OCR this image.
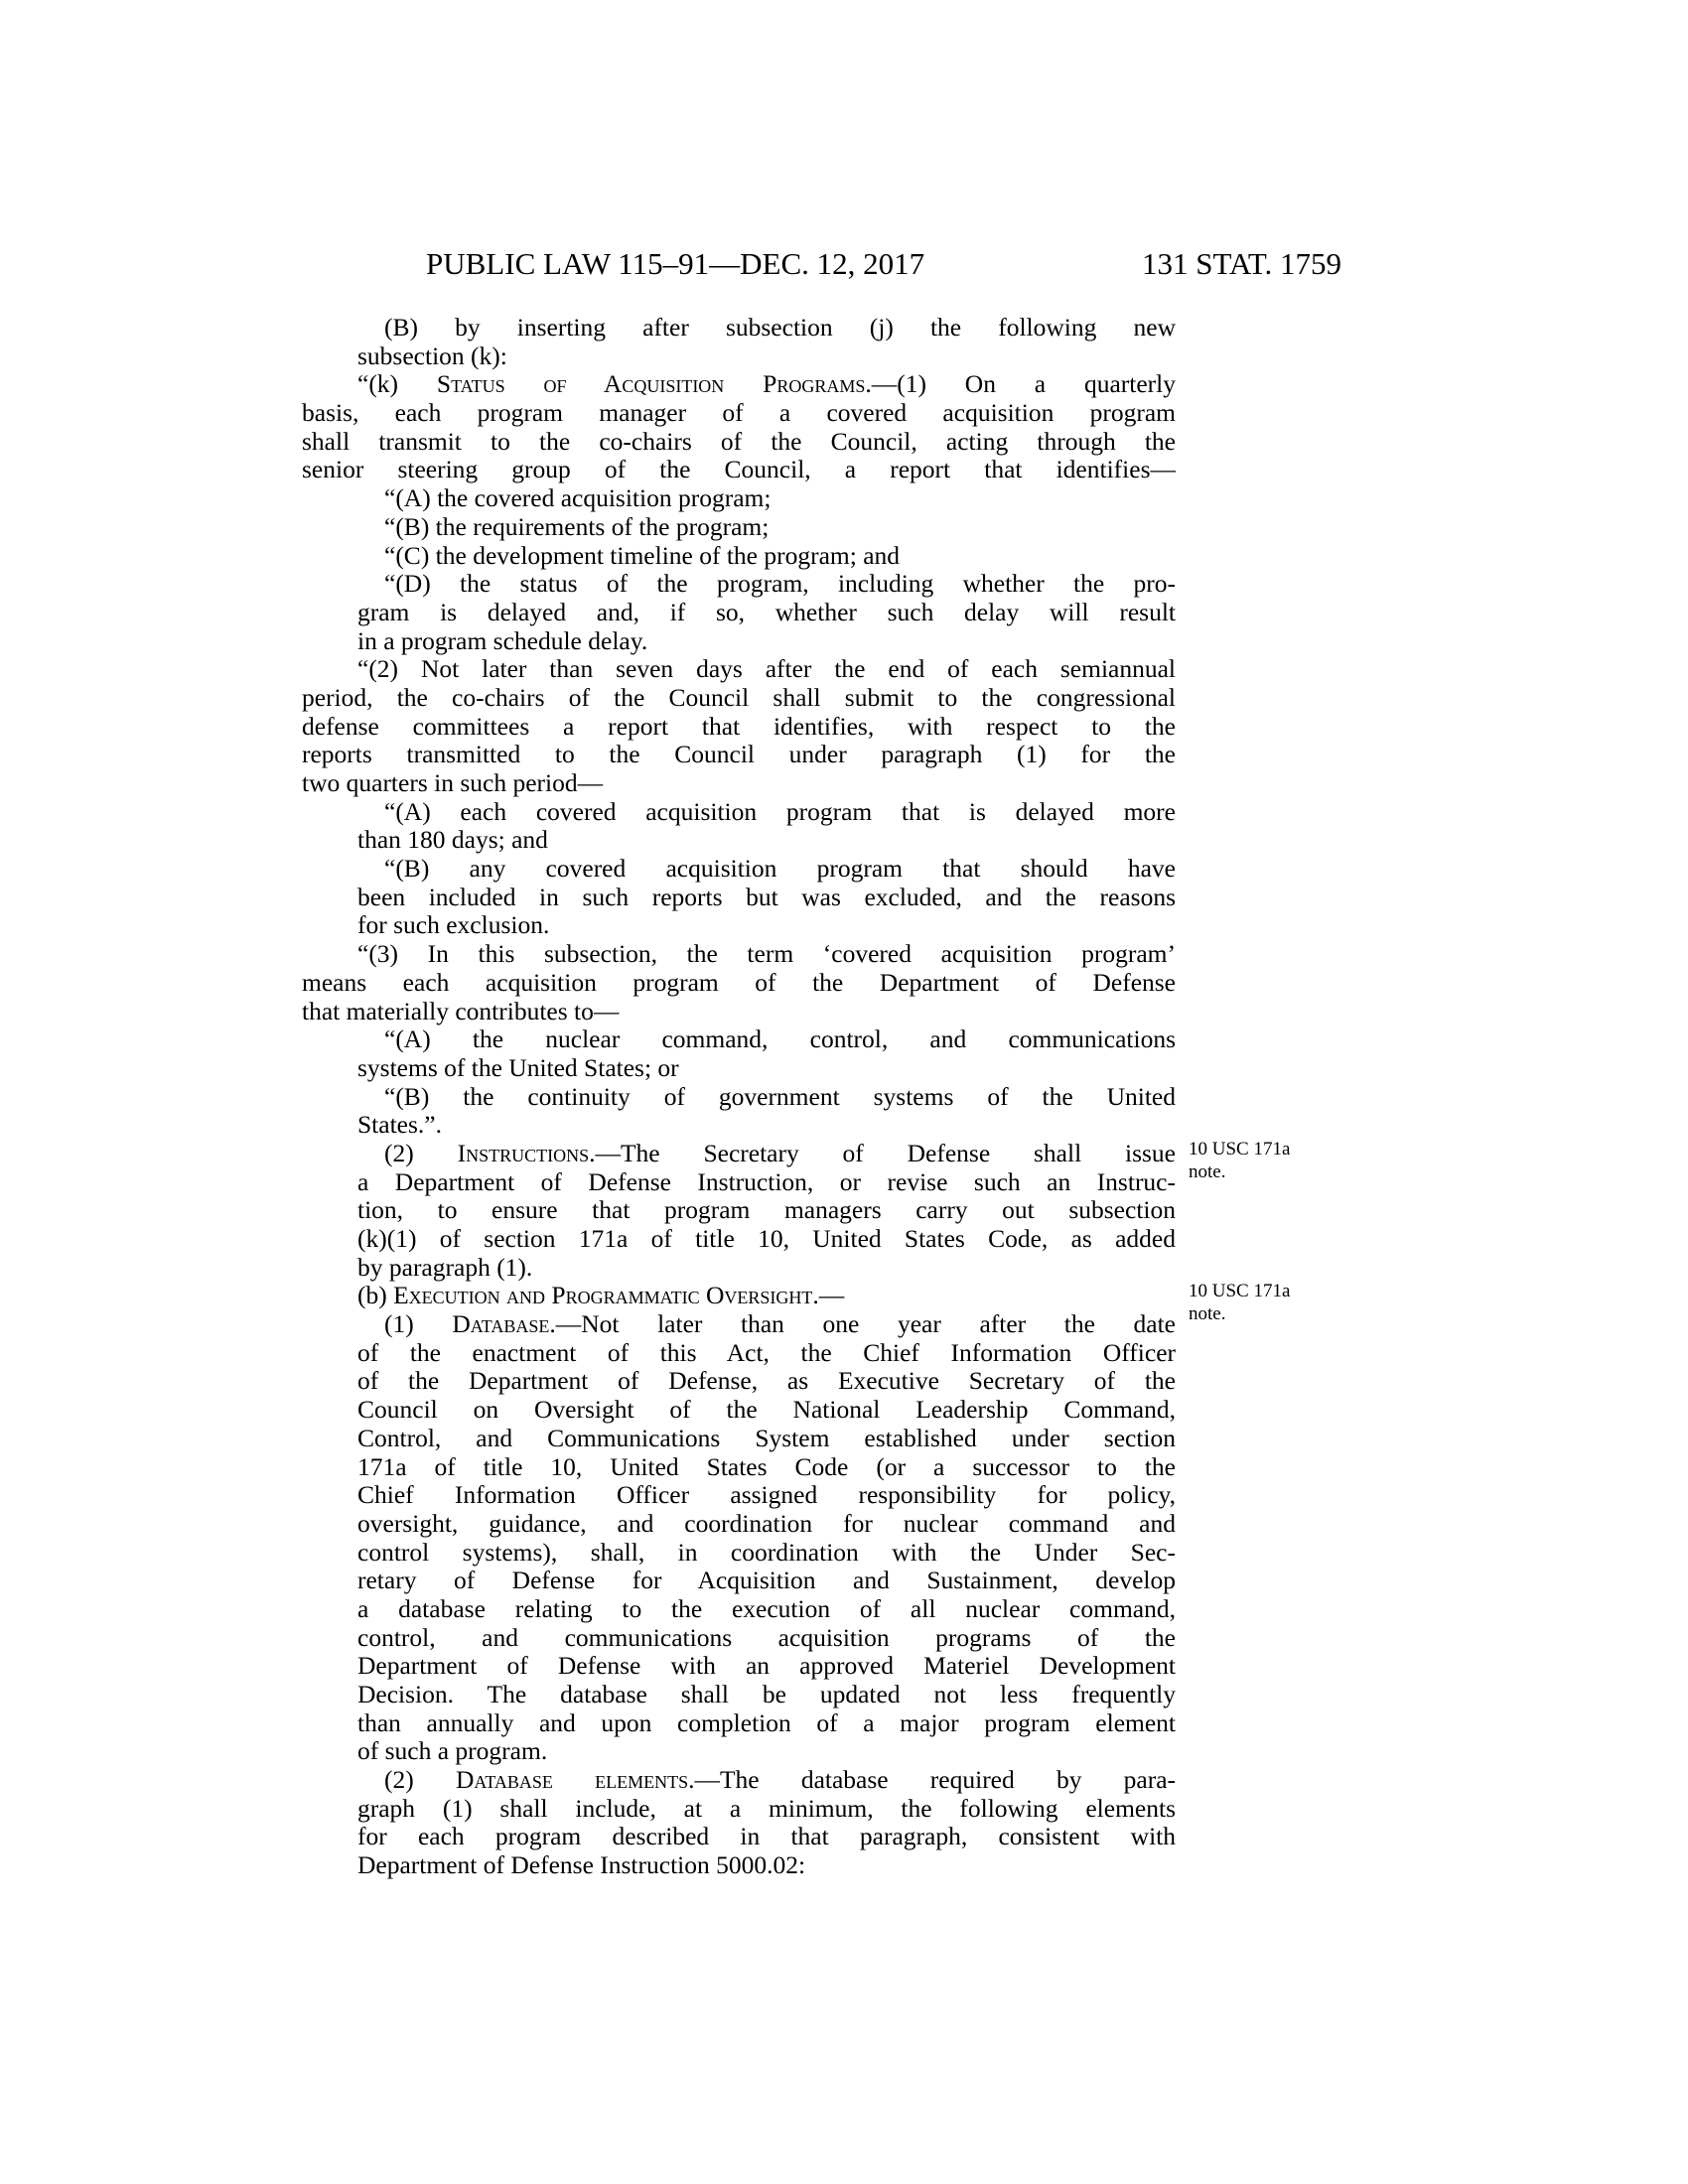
PUBLIC LAW 115–91—DEC. 12, 2017	131 STAT. 1759
(B) by inserting after subsection (j) the following new
subsection (k):
“(k) Status of Acquisition Programs.—(1) On a quarterly
basis, each program manager of a covered acquisition program
shall transmit to the co-chairs of the Council, acting through the
senior steering group of the Council, a report that identifies—
“(A) the covered acquisition program;
“(B) the requirements of the program;
“(C) the development timeline of the program; and
“(D) the status of the program, including whether the pro-
gram is delayed and, if so, whether such delay will result
in a program schedule delay.
“(2) Not later than seven days after the end of each semiannual
period, the co-chairs of the Council shall submit to the congressional
defense committees a report that identifies, with respect to the
reports transmitted to the Council under paragraph (1) for the
two quarters in such period—
“(A) each covered acquisition program that is delayed more
than 180 days; and
“(B) any covered acquisition program that should have
been included in such reports but was excluded, and the reasons
for such exclusion.
“(3) In this subsection, the term ‘covered acquisition program’
means each acquisition program of the Department of Defense
that materially contributes to—
“(A) the nuclear command, control, and communications
systems of the United States; or
“(B) the continuity of government systems of the United
States.”.
(2) Instructions.—The Secretary of Defense shall issue
a Department of Defense Instruction, or revise such an Instruc-
tion, to ensure that program managers carry out subsection
(k)(1) of section 171a of title 10, United States Code, as added
by paragraph (1).
(b) Execution and Programmatic Oversight.—
(1) Database.—Not later than one year after the date
of the enactment of this Act, the Chief Information Officer
of the Department of Defense, as Executive Secretary of the
Council on Oversight of the National Leadership Command,
Control, and Communications System established under section
171a of title 10, United States Code (or a successor to the
Chief Information Officer assigned responsibility for policy,
oversight, guidance, and coordination for nuclear command and
control systems), shall, in coordination with the Under Sec-
retary of Defense for Acquisition and Sustainment, develop
a database relating to the execution of all nuclear command,
control, and communications acquisition programs of the
Department of Defense with an approved Materiel Development
Decision. The database shall be updated not less frequently
than annually and upon completion of a major program element
of such a program.
(2) Database elements.—The database required by para-
graph (1) shall include, at a minimum, the following elements
for each program described in that paragraph, consistent with
Department of Defense Instruction 5000.02:
10 USC 171a
note.
10 USC 171a
note.
